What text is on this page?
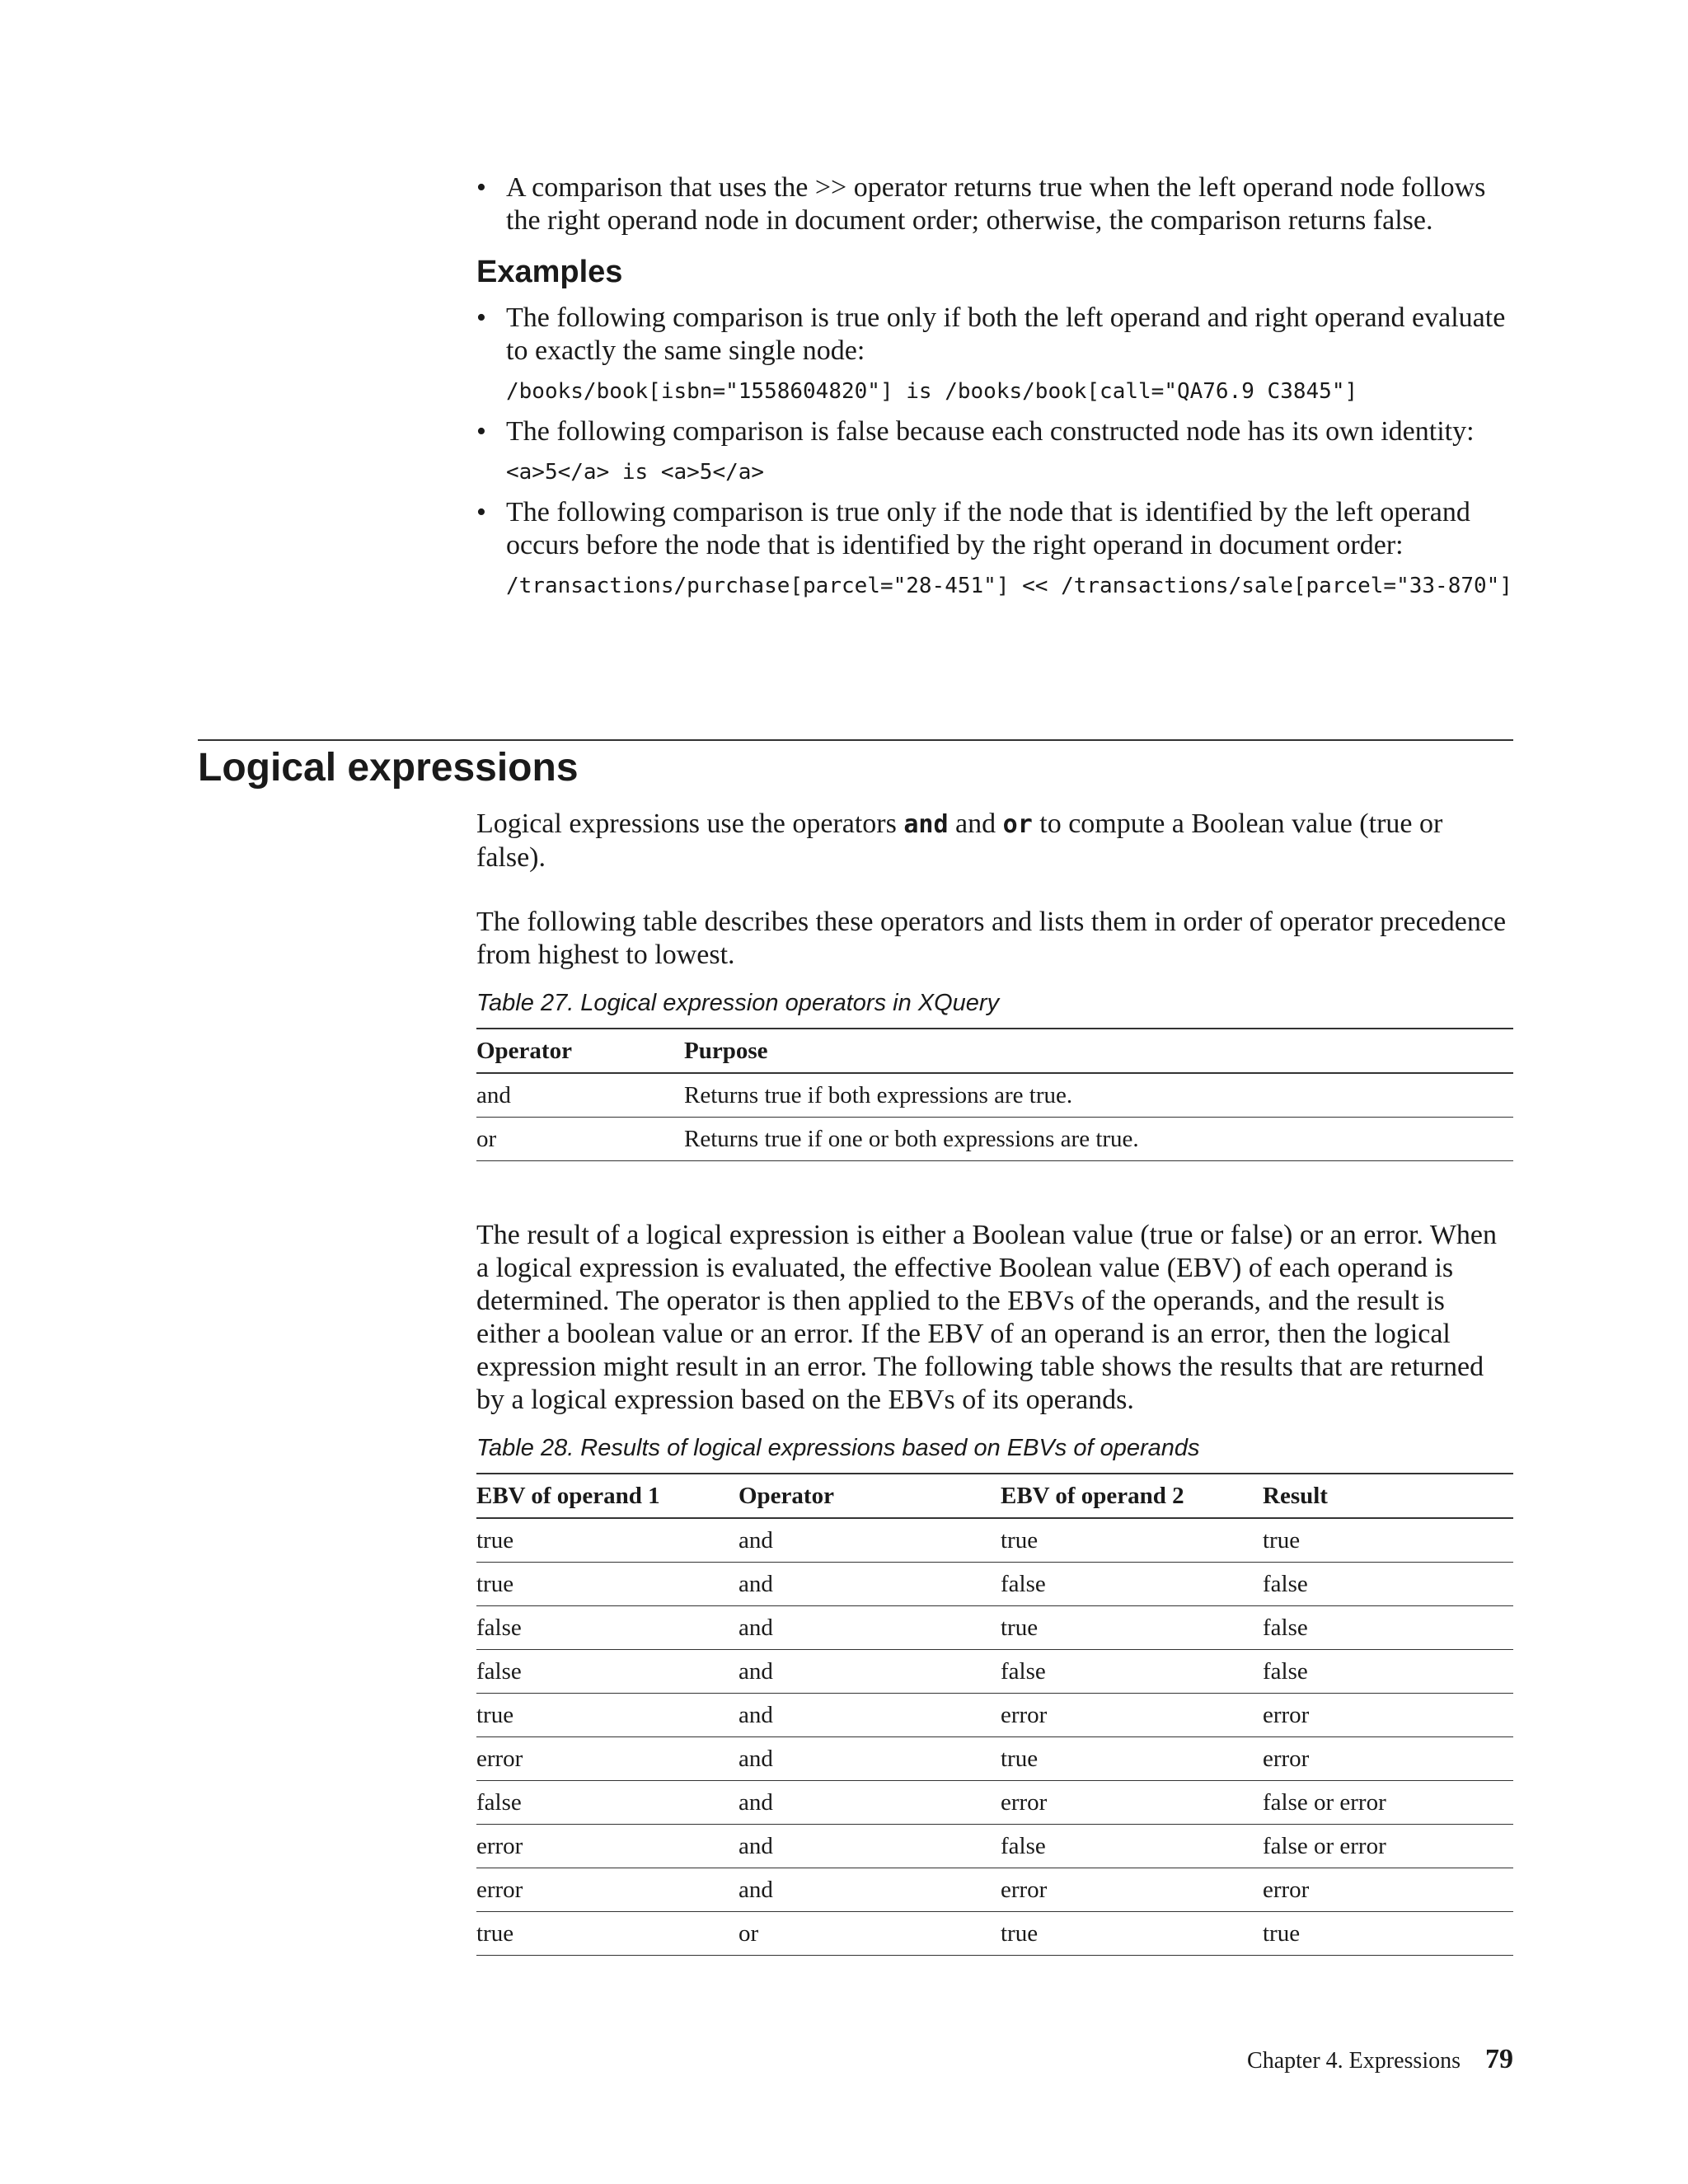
• A comparison that uses the >> operator returns true when the left operand node follows the right operand node in document order; otherwise, the comparison returns false.

Examples

• The following comparison is true only if both the left operand and right operand evaluate to exactly the same single node:

/books/book[isbn="1558604820"] is /books/book[call="QA76.9 C3845"]

• The following comparison is false because each constructed node has its own identity:

<a>5</a> is <a>5</a>

• The following comparison is true only if the node that is identified by the left operand occurs before the node that is identified by the right operand in document order:

/transactions/purchase[parcel="28-451"] << /transactions/sale[parcel="33-870"]
Logical expressions

Logical expressions use the operators and and or to compute a Boolean value (true or false).

The following table describes these operators and lists them in order of operator precedence from highest to lowest.

Table 27. Logical expression operators in XQuery

Operator	Purpose
and	Returns true if both expressions are true.
or	Returns true if one or both expressions are true.

The result of a logical expression is either a Boolean value (true or false) or an error. When a logical expression is evaluated, the effective Boolean value (EBV) of each operand is determined. The operator is then applied to the EBVs of the operands, and the result is either a boolean value or an error. If the EBV of an operand is an error, then the logical expression might result in an error. The following table shows the results that are returned by a logical expression based on the EBVs of its operands.

Table 28. Results of logical expressions based on EBVs of operands

EBV of operand 1	Operator	EBV of operand 2	Result
true	and	true	true
true	and	false	false
false	and	true	false
false	and	false	false
true	and	error	error
error	and	true	error
false	and	error	false or error
error	and	false	false or error
error	and	error	error
true	or	true	true
Chapter 4. Expressions 79
